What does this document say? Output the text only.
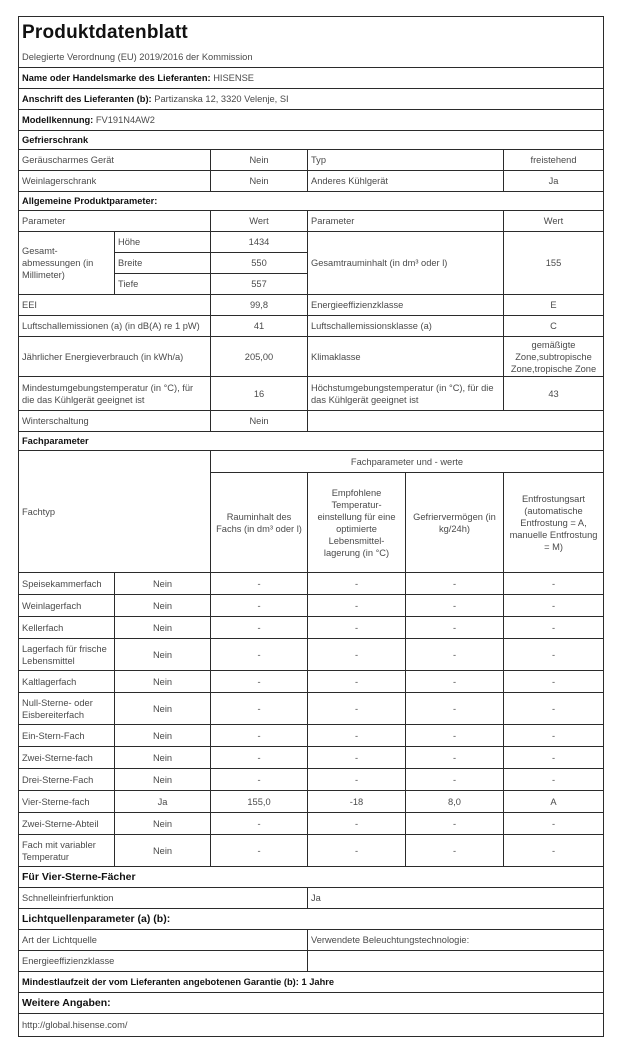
Produktdatenblatt					
Delegierte Verordnung (EU) 2019/2016 der Kommission					
Name oder Handelsmarke des Lieferanten: HISENSE					
Anschrift des Lieferanten (b): Partizanska 12, 3320 Velenje, SI					
Modellkennung: FV191N4AW2					
Gefrierschrank					
Geräuscharmes Gerät		Nein	Typ		freistehend
Weinlagerschrank		Nein	Anderes Kühlgerät		Ja
Allgemeine Produktparameter:					
Parameter		Wert	Parameter		Wert
Gesamt-abmessungen (in Millimeter)	Höhe	1434	Gesamtrauminhalt (in dm³ oder l)		155
	Breite	550			
	Tiefe	557			
EEI		99,8	Energieeffizienzklasse		E
Luftschallemissionen (a) (in dB(A) re 1 pW)		41	Luftschallemissionsklasse (a)		C
Jährlicher Energieverbrauch (in kWh/a)		205,00	Klimaklasse		gemäßigte Zone,subtropische Zone,tropische Zone
Mindestumgebungstemperatur (in °C), für die das Kühlgerät geeignet ist		16	Höchstumgebungstemperatur (in °C), für die das Kühlgerät geeignet ist		43
Winterschaltung		Nein			
Fachparameter					
Fachtyp		Fachparameter und - werte			
		Rauminhalt des Fachs (in dm³ oder l)	Empfohlene Temperatur-einstellung für eine optimierte Lebensmittel-lagerung (in °C)	Gefriervermögen (in kg/24h)	Entfrostungsart (automatische Entfrostung = A, manuelle Entfrostung = M)
Speisekammerfach	Nein	-	-	-	-
Weinlagerfach	Nein	-	-	-	-
Kellerfach	Nein	-	-	-	-
Lagerfach für frische Lebensmittel	Nein	-	-	-	-
Kaltlagerfach	Nein	-	-	-	-
Null-Sterne- oder Eisbereiterfach	Nein	-	-	-	-
Ein-Stern-Fach	Nein	-	-	-	-
Zwei-Sterne-fach	Nein	-	-	-	-
Drei-Sterne-Fach	Nein	-	-	-	-
Vier-Sterne-fach	Ja	155,0	-18	8,0	A
Zwei-Sterne-Abteil	Nein	-	-	-	-
Fach mit variabler Temperatur	Nein	-	-	-	-
Für Vier-Sterne-Fächer					
Schnelleinfrierfunktion			Ja		
Lichtquellenparameter (a) (b):					
Art der Lichtquelle			Verwendete Beleuchtungstechnologie:		
Energieeffizienzklasse					
Mindestlaufzeit der vom Lieferanten angebotenen Garantie (b): 1 Jahre					
Weitere Angaben:					
http://global.hisense.com/					
